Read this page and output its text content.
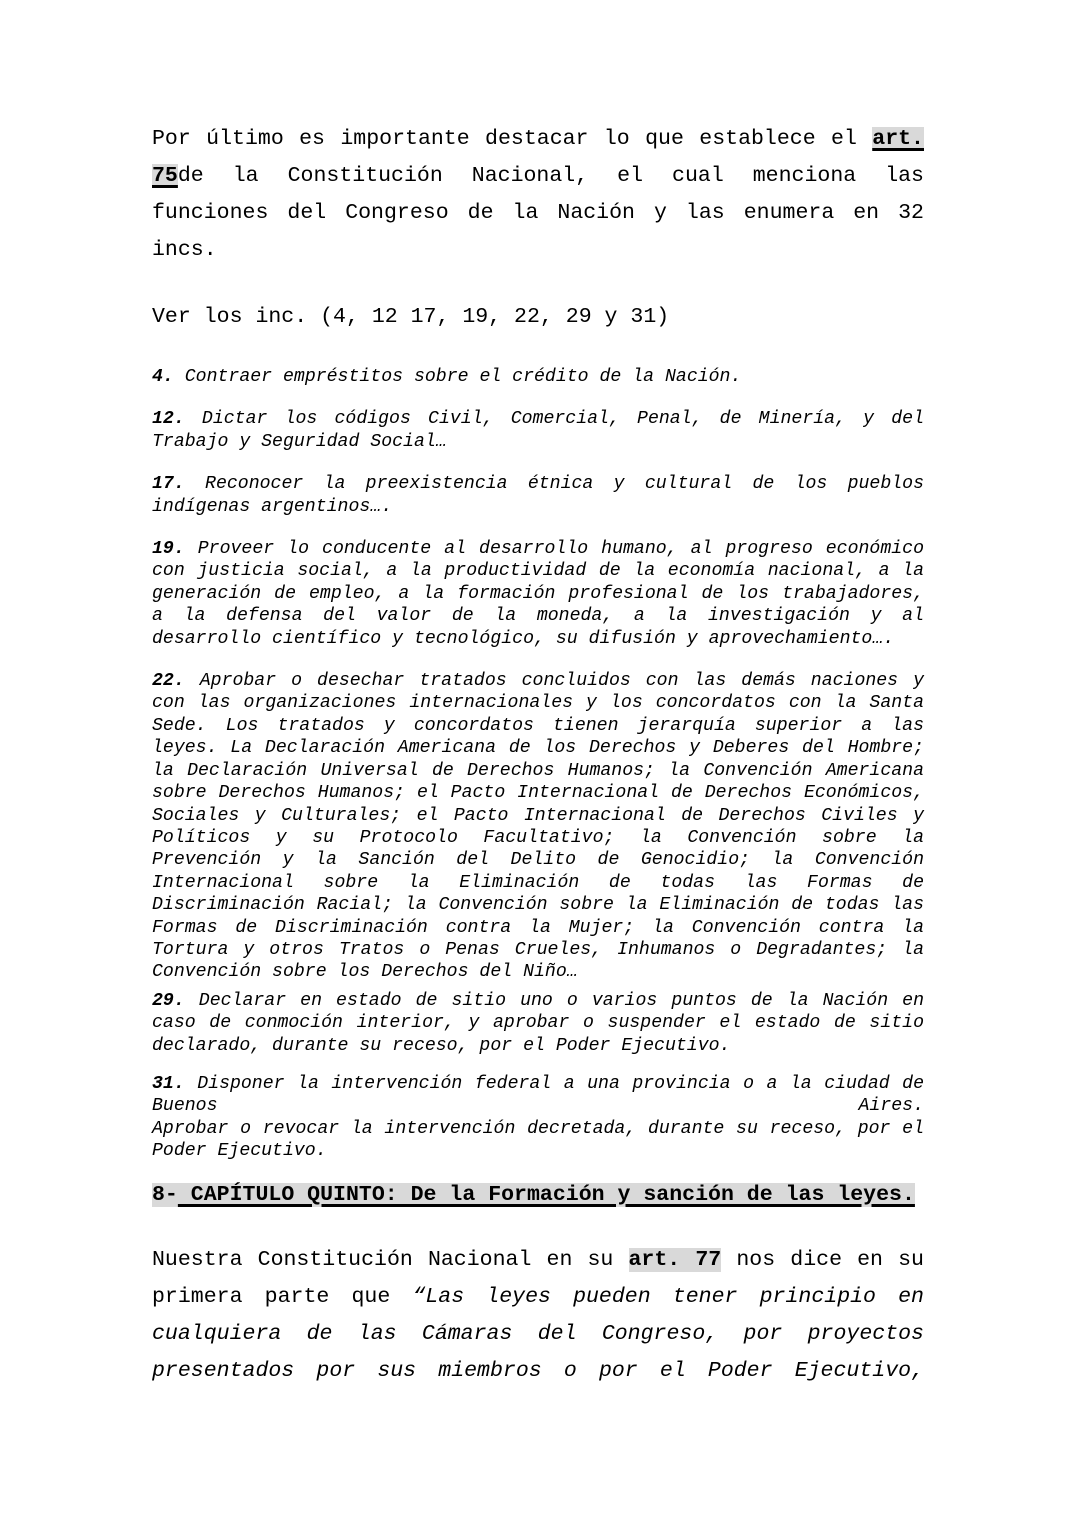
Por último es importante destacar lo que establece el art. 75de la Constitución Nacional, el cual menciona las funciones del Congreso de la Nación y las enumera en 32 incs.

Ver los inc. (4, 12 17, 19, 22, 29 y 31)

4. Contraer empréstitos sobre el crédito de la Nación.

12. Dictar los códigos Civil, Comercial, Penal, de Minería, y del Trabajo y Seguridad Social…

17. Reconocer la preexistencia étnica y cultural de los pueblos indígenas argentinos….

19. Proveer lo conducente al desarrollo humano, al progreso económico con justicia social, a la productividad de la economía nacional, a la generación de empleo, a la formación profesional de los trabajadores, a la defensa del valor de la moneda, a la investigación y al desarrollo científico y tecnológico, su difusión y aprovechamiento….

22. Aprobar o desechar tratados concluidos con las demás naciones y con las organizaciones internacionales y los concordatos con la Santa Sede. Los tratados y concordatos tienen jerarquía superior a las leyes. La Declaración Americana de los Derechos y Deberes del Hombre; la Declaración Universal de Derechos Humanos; la Convención Americana sobre Derechos Humanos; el Pacto Internacional de Derechos Económicos, Sociales y Culturales; el Pacto Internacional de Derechos Civiles y Políticos y su Protocolo Facultativo; la Convención sobre la Prevención y la Sanción del Delito de Genocidio; la Convención Internacional sobre la Eliminación de todas las Formas de Discriminación Racial; la Convención sobre la Eliminación de todas las Formas de Discriminación contra la Mujer; la Convención contra la Tortura y otros Tratos o Penas Crueles, Inhumanos o Degradantes; la Convención sobre los Derechos del Niño…

29. Declarar en estado de sitio uno o varios puntos de la Nación en caso de conmoción interior, y aprobar o suspender el estado de sitio declarado, durante su receso, por el Poder Ejecutivo.

31. Disponer la intervención federal a una provincia o a la ciudad de Buenos Aires.

Aprobar o revocar la intervención decretada, durante su receso, por el Poder Ejecutivo.

8- CAPÍTULO QUINTO: De la Formación y sanción de las leyes.

Nuestra Constitución Nacional en su art. 77 nos dice en su primera parte que “Las leyes pueden tener principio en cualquiera de las Cámaras del Congreso, por proyectos presentados por sus miembros o por el Poder Ejecutivo,
